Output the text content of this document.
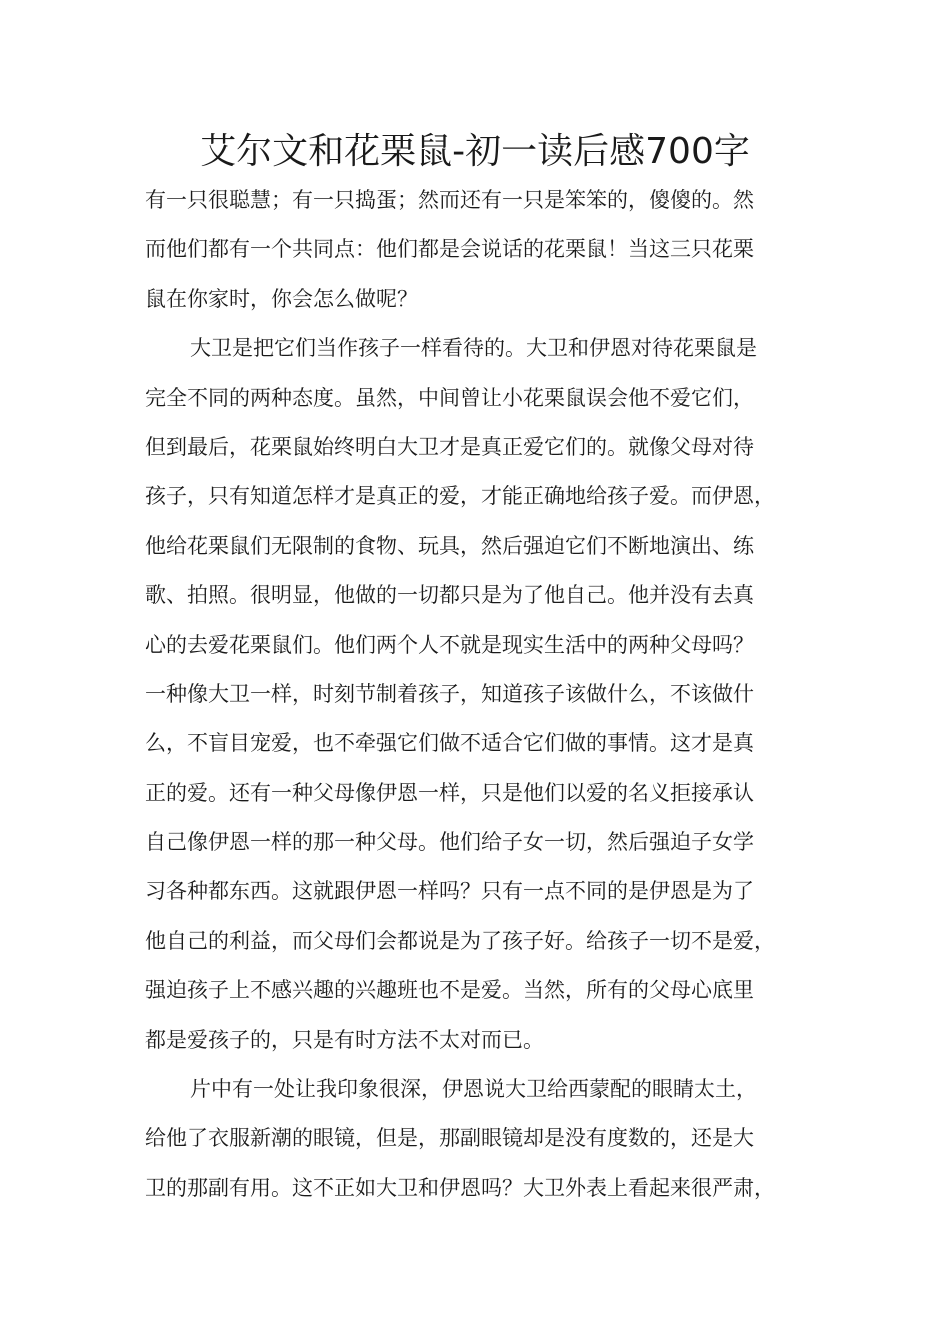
艾尔文和花栗鼠-初一读后感700字
有一只很聪慧；有一只捣蛋；然而还有一只是笨笨的，傻傻的。然
而他们都有一个共同点：他们都是会说话的花栗鼠！当这三只花栗
鼠在你家时，你会怎么做呢？
大卫是把它们当作孩子一样看待的。大卫和伊恩对待花栗鼠是
完全不同的两种态度。虽然，中间曾让小花栗鼠误会他不爱它们，
但到最后，花栗鼠始终明白大卫才是真正爱它们的。就像父母对待
孩子，只有知道怎样才是真正的爱，才能正确地给孩子爱。而伊恩，
他给花栗鼠们无限制的食物、玩具，然后强迫它们不断地演出、练
歌、拍照。很明显，他做的一切都只是为了他自己。他并没有去真
心的去爱花栗鼠们。他们两个人不就是现实生活中的两种父母吗？
一种像大卫一样，时刻节制着孩子，知道孩子该做什么，不该做什
么，不盲目宠爱，也不牵强它们做不适合它们做的事情。这才是真
正的爱。还有一种父母像伊恩一样，只是他们以爱的名义拒接承认
自己像伊恩一样的那一种父母。他们给子女一切，然后强迫子女学
习各种都东西。这就跟伊恩一样吗？只有一点不同的是伊恩是为了
他自己的利益，而父母们会都说是为了孩子好。给孩子一切不是爱，
强迫孩子上不感兴趣的兴趣班也不是爱。当然，所有的父母心底里
都是爱孩子的，只是有时方法不太对而已。
片中有一处让我印象很深，伊恩说大卫给西蒙配的眼睛太土，
给他了衣服新潮的眼镜，但是，那副眼镜却是没有度数的，还是大
卫的那副有用。这不正如大卫和伊恩吗？大卫外表上看起来很严肃，
